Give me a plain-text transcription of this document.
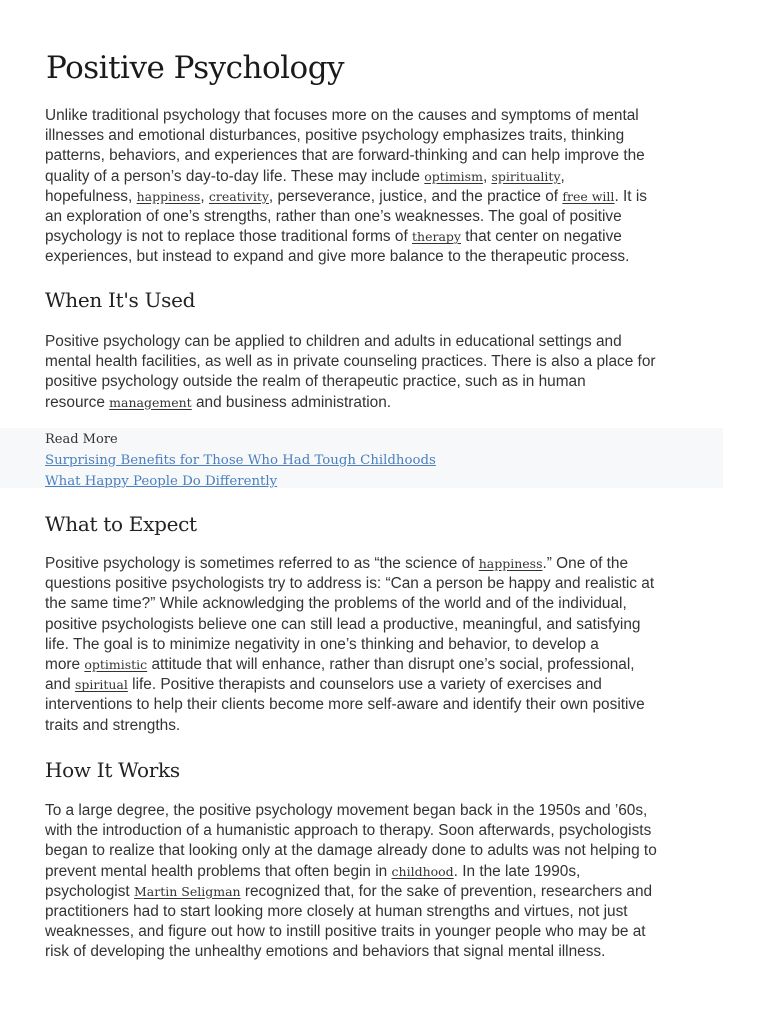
Positive Psychology

Unlike traditional psychology that focuses more on the causes and symptoms of mental
illnesses and emotional disturbances, positive psychology emphasizes traits, thinking
patterns, behaviors, and experiences that are forward-thinking and can help improve the
quality of a person’s day-to-day life. These may include optimism, spirituality,
hopefulness, happiness, creativity, perseverance, justice, and the practice of free will. It is
an exploration of one’s strengths, rather than one’s weaknesses. The goal of positive
psychology is not to replace those traditional forms of therapy that center on negative
experiences, but instead to expand and give more balance to the therapeutic process.

When It's Used

Positive psychology can be applied to children and adults in educational settings and
mental health facilities, as well as in private counseling practices. There is also a place for
positive psychology outside the realm of therapeutic practice, such as in human
resource management and business administration.

Read More
Surprising Benefits for Those Who Had Tough Childhoods
What Happy People Do Differently
What to Expect

Positive psychology is sometimes referred to as “the science of happiness.” One of the
questions positive psychologists try to address is: “Can a person be happy and realistic at
the same time?” While acknowledging the problems of the world and of the individual,
positive psychologists believe one can still lead a productive, meaningful, and satisfying
life. The goal is to minimize negativity in one’s thinking and behavior, to develop a
more optimistic attitude that will enhance, rather than disrupt one’s social, professional,
and spiritual life. Positive therapists and counselors use a variety of exercises and
interventions to help their clients become more self-aware and identify their own positive
traits and strengths.

How It Works

To a large degree, the positive psychology movement began back in the 1950s and ’60s,
with the introduction of a humanistic approach to therapy. Soon afterwards, psychologists
began to realize that looking only at the damage already done to adults was not helping to
prevent mental health problems that often begin in childhood. In the late 1990s,
psychologist Martin Seligman recognized that, for the sake of prevention, researchers and
practitioners had to start looking more closely at human strengths and virtues, not just
weaknesses, and figure out how to instill positive traits in younger people who may be at
risk of developing the unhealthy emotions and behaviors that signal mental illness.
